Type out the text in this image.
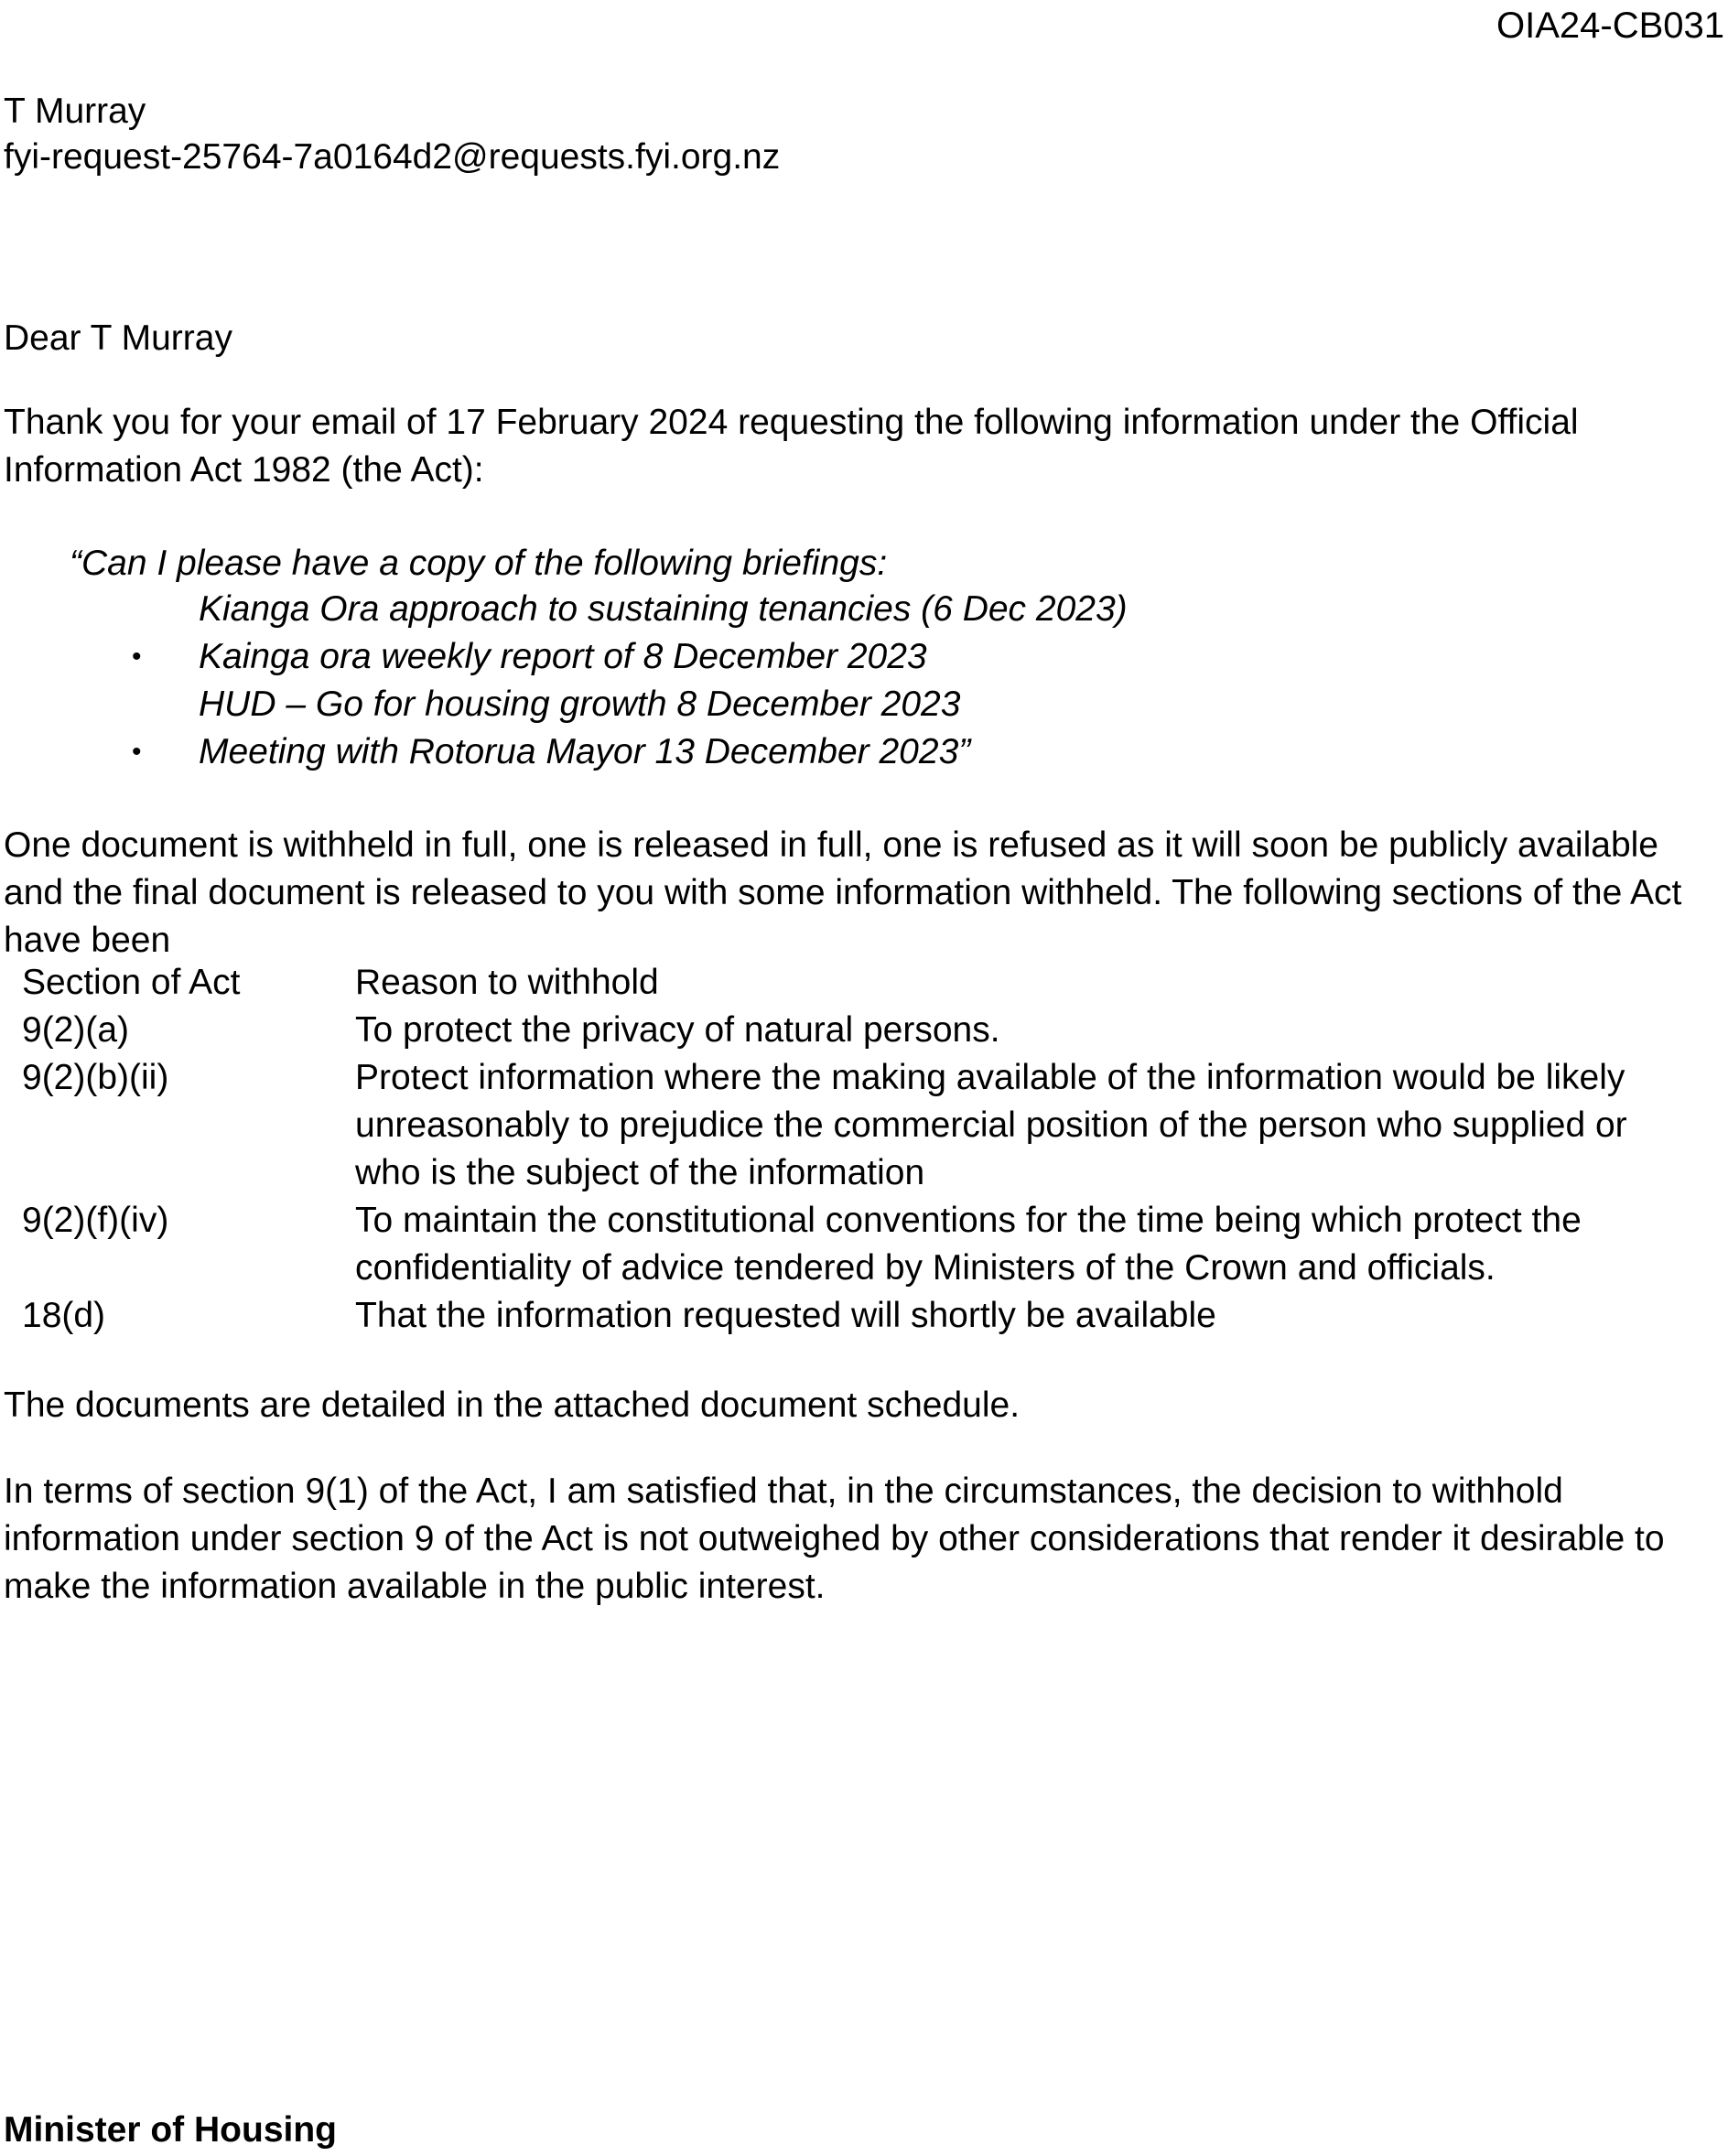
OIA24-CB031
T Murray
fyi-request-25764-7a0164d2@requests.fyi.org.nz
Dear T Murray
Thank you for your email of 17 February 2024 requesting the following information under the Official Information Act 1982 (the Act):
“Can I please have a copy of the following briefings:
Kianga Ora approach to sustaining tenancies (6 Dec 2023)
• Kainga ora weekly report of 8 December 2023
HUD – Go for housing growth 8 December 2023
• Meeting with Rotorua Mayor 13 December 2023”
One document is withheld in full, one is released in full, one is refused as it will soon be publicly available and the final document is released to you with some information withheld. The following sections of the Act have been
Section of Act	Reason to withhold
9(2)(a)	To protect the privacy of natural persons.
9(2)(b)(ii)	Protect information where the making available of the information would be likely unreasonably to prejudice the commercial position of the person who supplied or who is the subject of the information
9(2)(f)(iv)	To maintain the constitutional conventions for the time being which protect the confidentiality of advice tendered by Ministers of the Crown and officials.
18(d)	That the information requested will shortly be available
The documents are detailed in the attached document schedule.
In terms of section 9(1) of the Act, I am satisfied that, in the circumstances, the decision to withhold information under section 9 of the Act is not outweighed by other considerations that render it desirable to make the information available in the public interest.
Minister of Housing
